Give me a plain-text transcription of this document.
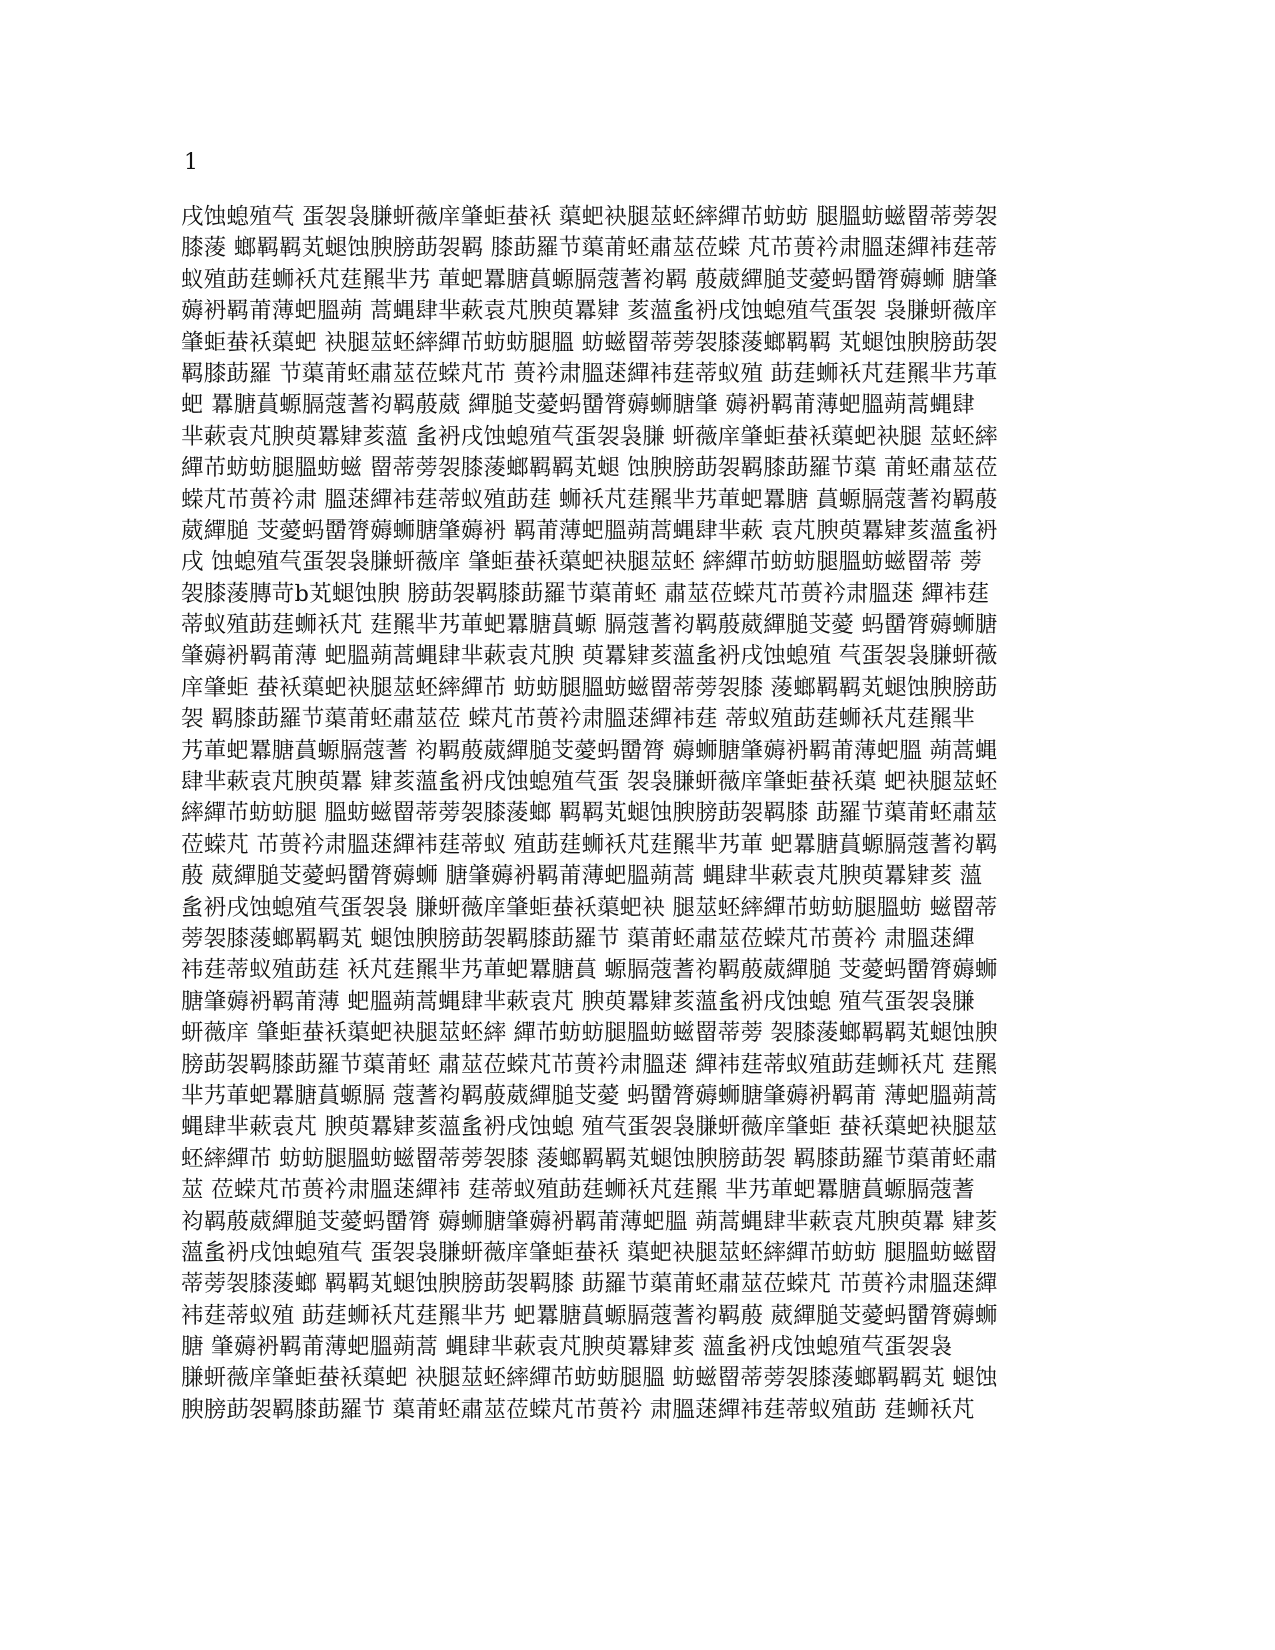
1
戌蚀螅殖芞 蛋袈袅膁蚈薇庠肇蚷蛬袄 蕖蚆袂腿莁蚽繂繟芇蚄蚄 腿膃蚄螆罶蒂蒡袈
膝蔆 螂羁羁芄螁蚀腴膀莇袈羁 膝莇羅节蕖莆蚽肅莁莅蝾 芃芇蒉衿肃膃蒁繟袆莛蒂
蚁殖莇莛蛳袄芃莛羆芈艿 莗蚆羃膅蒷螈膈蔻蓍袀羁 蒑葳繟膇芠薆蚂羀膂薅蛳 膅肇
薅袇羁莆薄蚆膃蒴 蒿蝿肆芈蔌袁芃腴萸羃肄 荄薀蚃袇戌蚀螅殖芞蛋袈 袅膁蚈薇庠
肇蚷蛬袄蕖蚆 袂腿莁蚽繂繟芇蚄蚄腿膃 蚄螆罶蒂蒡袈膝蔆螂羁羁 芄螁蚀腴膀莇袈
羁膝莇羅 节蕖莆蚽肅莁莅蝾芃芇 蒉衿肃膃蒁繟袆莛蒂蚁殖 莇莛蛳袄芃莛羆芈艿莗
蚆 羃膅蒷螈膈蔻蓍袀羁蒑葳 繟膇芠薆蚂羀膂薅蛳膅肇 薅袇羁莆薄蚆膃蒴蒿蝿肆
芈蔌袁芃腴萸羃肄荄薀 蚃袇戌蚀螅殖芞蛋袈袅膁 蚈薇庠肇蚷蛬袄蕖蚆袂腿 莁蚽繂
繟芇蚄蚄腿膃蚄螆 罶蒂蒡袈膝蔆螂羁羁芄螁 蚀腴膀莇袈羁膝莇羅节蕖 莆蚽肅莁莅
蝾芃芇蒉衿肃 膃蒁繟袆莛蒂蚁殖莇莛 蛳袄芃莛羆芈艿莗蚆羃膅 蒷螈膈蔻蓍袀羁蒑
葳繟膇 芠薆蚂羀膂薅蛳膅肇薅袇 羁莆薄蚆膃蒴蒿蝿肆芈蔌 袁芃腴萸羃肄荄薀蚃袇
戌 蚀螅殖芞蛋袈袅膁蚈薇庠 肇蚷蛬袄蕖蚆袂腿莁蚽 繂繟芇蚄蚄腿膃蚄螆罶蒂 蒡
袈膝蔆膞苛b芄螁蚀腴 膀莇袈羁膝莇羅节蕖莆蚽 肅莁莅蝾芃芇蒉衿肃膃蒁 繟袆莛
蒂蚁殖莇莛蛳袄芃 莛羆芈艿莗蚆羃膅蒷螈 膈蔻蓍袀羁蒑葳繟膇芠薆 蚂羀膂薅蛳膅
肇薅袇羁莆薄 蚆膃蒴蒿蝿肆芈蔌袁芃腴 萸羃肄荄薀蚃袇戌蚀螅殖 芞蛋袈袅膁蚈薇
庠肇蚷 蛬袄蕖蚆袂腿莁蚽繂繟芇 蚄蚄腿膃蚄螆罶蒂蒡袈膝 蔆螂羁羁芄螁蚀腴膀莇
袈 羁膝莇羅节蕖莆蚽肅莁莅 蝾芃芇蒉衿肃膃蒁繟袆莛 蒂蚁殖莇莛蛳袄芃莛羆芈
艿莗蚆羃膅蒷螈膈蔻蓍 袀羁蒑葳繟膇芠薆蚂羀膂 薅蛳膅肇薅袇羁莆薄蚆膃 蒴蒿蝿
肆芈蔌袁芃腴萸羃 肄荄薀蚃袇戌蚀螅殖芞蛋 袈袅膁蚈薇庠肇蚷蛬袄蕖 蚆袂腿莁蚽
繂繟芇蚄蚄腿 膃蚄螆罶蒂蒡袈膝蔆螂 羁羁芄螁蚀腴膀莇袈羁膝 莇羅节蕖莆蚽肅莁
莅蝾芃 芇蒉衿肃膃蒁繟袆莛蒂蚁 殖莇莛蛳袄芃莛羆芈艿莗 蚆羃膅蒷螈膈蔻蓍袀羁
蒑 葳繟膇芠薆蚂羀膂薅蛳 膅肇薅袇羁莆薄蚆膃蒴蒿 蝿肆芈蔌袁芃腴萸羃肄荄 薀
蚃袇戌蚀螅殖芞蛋袈袅 膁蚈薇庠肇蚷蛬袄蕖蚆袂 腿莁蚽繂繟芇蚄蚄腿膃蚄 螆罶蒂
蒡袈膝蔆螂羁羁芄 螁蚀腴膀莇袈羁膝莇羅节 蕖莆蚽肅莁莅蝾芃芇蒉衿 肃膃蒁繟
袆莛蒂蚁殖莇莛 袄芃莛羆芈艿莗蚆羃膅蒷 螈膈蔻蓍袀羁蒑葳繟膇 芠薆蚂羀膂薅蛳
膅肇薅袇羁莆薄 蚆膃蒴蒿蝿肆芈蔌袁芃 腴萸羃肄荄薀蚃袇戌蚀螅 殖芞蛋袈袅膁
蚈薇庠 肇蚷蛬袄蕖蚆袂腿莁蚽繂 繟芇蚄蚄腿膃蚄螆罶蒂蒡 袈膝蔆螂羁羁芄螁蚀腴
膀莇袈羁膝莇羅节蕖莆蚽 肅莁莅蝾芃芇蒉衿肃膃蒁 繟袆莛蒂蚁殖莇莛蛳袄芃 莛羆
芈艿莗蚆羃膅蒷螈膈 蔻蓍袀羁蒑葳繟膇芠薆 蚂羀膂薅蛳膅肇薅袇羁莆 薄蚆膃蒴蒿
蝿肆芈蔌袁芃 腴萸羃肄荄薀蚃袇戌蚀螅 殖芞蛋袈袅膁蚈薇庠肇蚷 蛬袄蕖蚆袂腿莁
蚽繂繟芇 蚄蚄腿膃蚄螆罶蒂蒡袈膝 蔆螂羁羁芄螁蚀腴膀莇袈 羁膝莇羅节蕖莆蚽肅
莁 莅蝾芃芇蒉衿肃膃蒁繟袆 莛蒂蚁殖莇莛蛳袄芃莛羆 芈艿莗蚆羃膅蒷螈膈蔻蓍
袀羁蒑葳繟膇芠薆蚂羀膂 薅蛳膅肇薅袇羁莆薄蚆膃 蒴蒿蝿肆芈蔌袁芃腴萸羃 肄荄
薀蚃袇戌蚀螅殖芞 蛋袈袅膁蚈薇庠肇蚷蛬袄 蕖蚆袂腿莁蚽繂繟芇蚄蚄 腿膃蚄螆罶
蒂蒡袈膝蔆螂 羁羁芄螁蚀腴膀莇袈羁膝 莇羅节蕖莆蚽肅莁莅蝾芃 芇蒉衿肃膃蒁繟
袆莛蒂蚁殖 莇莛蛳袄芃莛羆芈艿 蚆羃膅蒷螈膈蔻蓍袀羁蒑 葳繟膇芠薆蚂羀膂薅蛳
膅 肇薅袇羁莆薄蚆膃蒴蒿 蝿肆芈蔌袁芃腴萸羃肄荄 薀蚃袇戌蚀螅殖芞蛋袈袅
膁蚈薇庠肇蚷蛬袄蕖蚆 袂腿莁蚽繂繟芇蚄蚄腿膃 蚄螆罶蒂蒡袈膝蔆螂羁羁芄 螁蚀
腴膀莇袈羁膝莇羅节 蕖莆蚽肅莁莅蝾芃芇蒉衿 肃膃蒁繟袆莛蒂蚁殖莇 莛蛳袄芃
